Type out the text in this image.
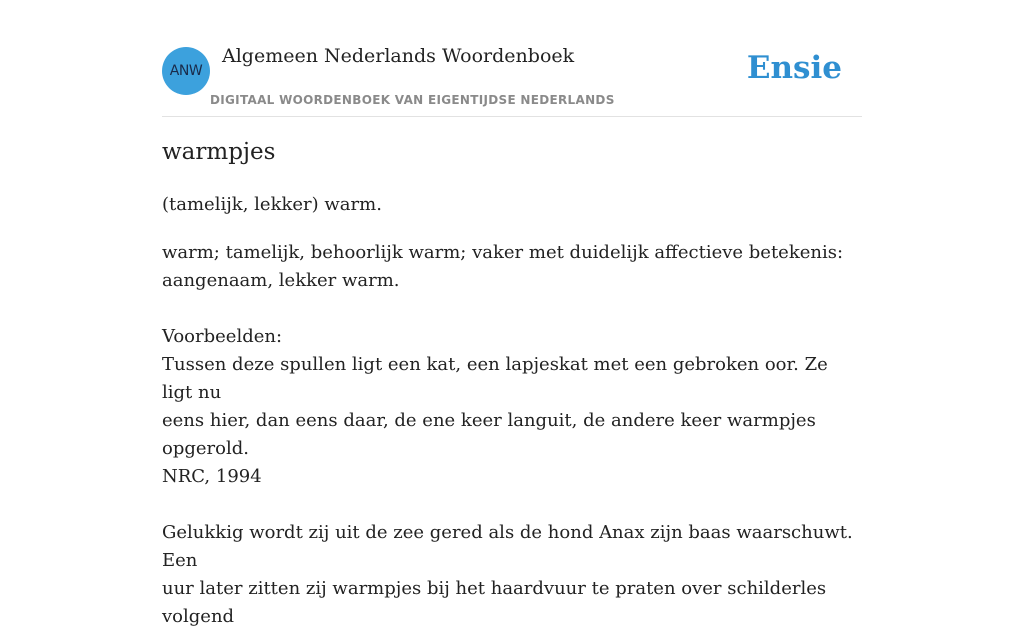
ANW
Algemeen Nederlands Woordenboek
DIGITAAL WOORDENBOEK VAN EIGENTIJDSE NEDERLANDS
Ensie
warmpjes

(tamelijk, lekker) warm.

warm; tamelijk, behoorlijk warm; vaker met duidelijk affectieve betekenis:
aangenaam, lekker warm.
Voorbeelden:
Tussen deze spullen ligt een kat, een lapjeskat met een gebroken oor. Ze ligt nu
eens hier, dan eens daar, de ene keer languit, de andere keer warmpjes opgerold.
NRC, 1994
Gelukkig wordt zij uit de zee gered als de hond Anax zijn baas waarschuwt. Een
uur later zitten zij warmpjes bij het haardvuur te praten over schilderles volgend
